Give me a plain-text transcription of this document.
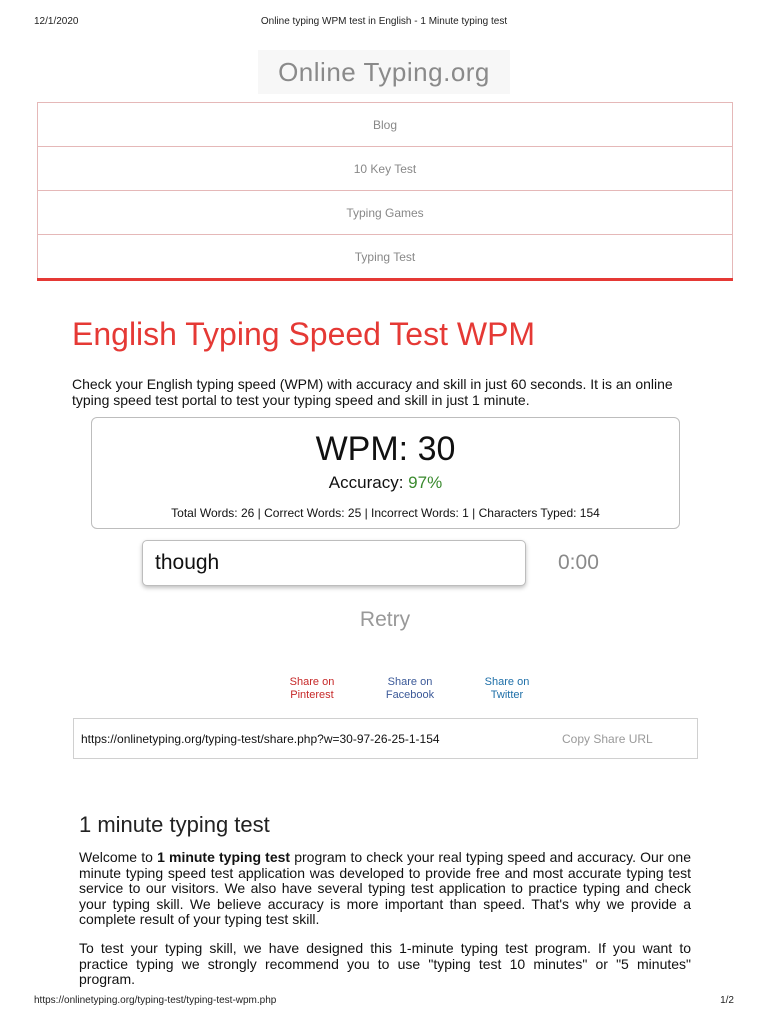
12/1/2020	Online typing WPM test in English - 1 Minute typing test
Online Typing.org
Blog
10 Key Test
Typing Games
Typing Test
English Typing Speed Test WPM

Check your English typing speed (WPM) with accuracy and skill in just 60 seconds. It is an online typing speed test portal to test your typing speed and skill in just 1 minute.

WPM: 30
Accuracy: 97%
Total Words: 26 | Correct Words: 25 | Incorrect Words: 1 | Characters Typed: 154
though
0:00
Retry
Share on
Pinterest
Share on
Facebook
Share on
Twitter
https://onlinetyping.org/typing-test/share.php?w=30-97-26-25-1-154	Copy Share URL
1 minute typing test

Welcome to 1 minute typing test program to check your real typing speed and accuracy. Our one minute typing speed test application was developed to provide free and most accurate typing test service to our visitors. We also have several typing test application to practice typing and check your typing skill. We believe accuracy is more important than speed. That's why we provide a complete result of your typing test skill.

To test your typing skill, we have designed this 1-minute typing test program. If you want to practice typing we strongly recommend you to use "typing test 10 minutes" or "5 minutes" program.

https://onlinetyping.org/typing-test/typing-test-wpm.php	1/2
